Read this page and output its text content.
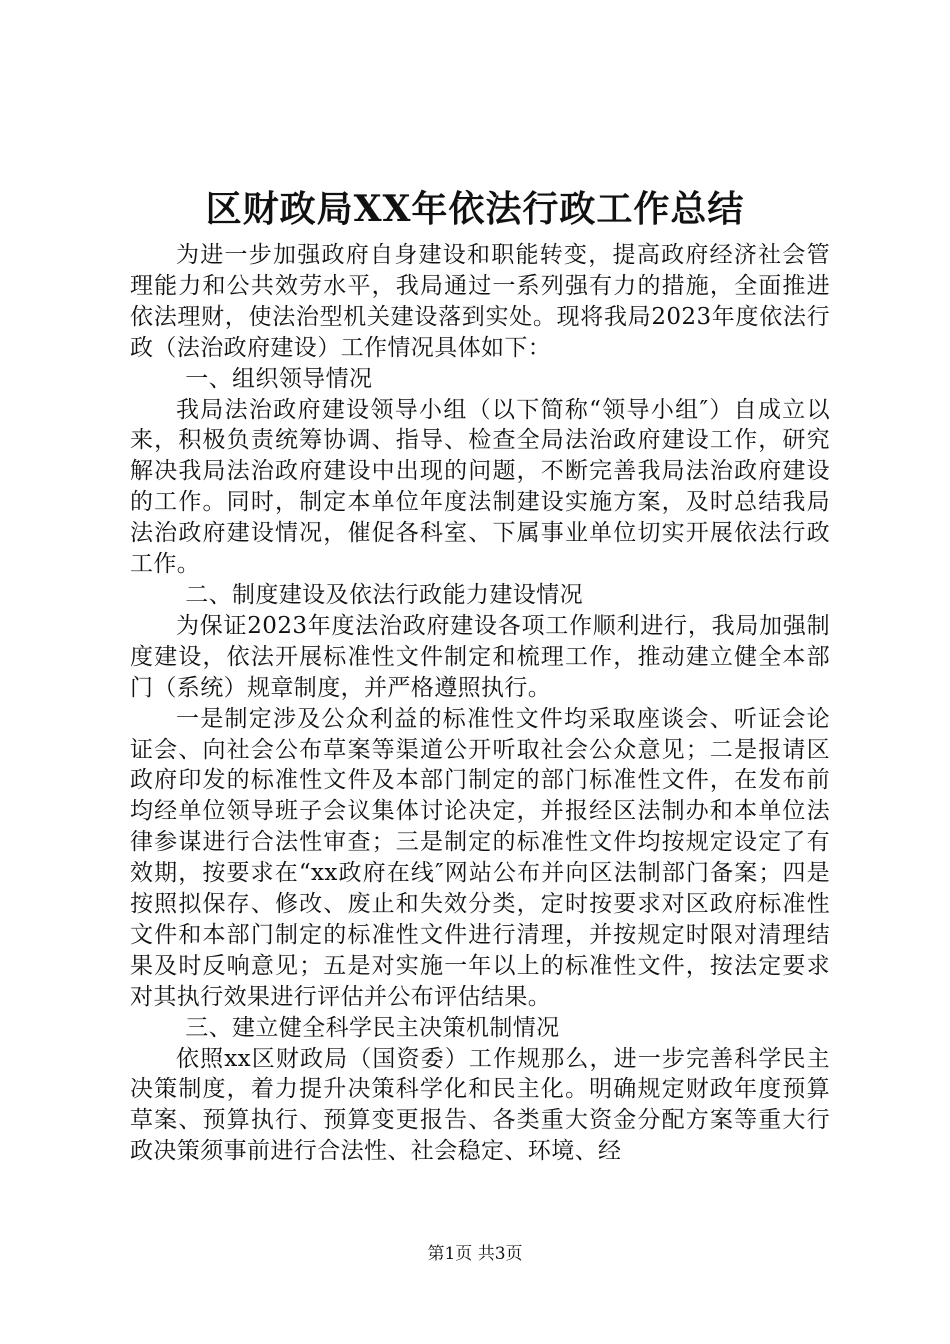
区财政局XX年依法行政工作总结

为进一步加强政府自身建设和职能转变，提高政府经济社会管理能力和公共效劳水平，我局通过一系列强有力的措施，全面推进依法理财，使法治型机关建设落到实处。现将我局2023年度依法行政（法治政府建设）工作情况具体如下：

一、组织领导情况

我局法治政府建设领导小组（以下简称“领导小组″）自成立以来，积极负责统筹协调、指导、检查全局法治政府建设工作，研究解决我局法治政府建设中出现的问题，不断完善我局法治政府建设的工作。同时，制定本单位年度法制建设实施方案，及时总结我局法治政府建设情况，催促各科室、下属事业单位切实开展依法行政工作。

二、制度建设及依法行政能力建设情况

为保证2023年度法治政府建设各项工作顺利进行，我局加强制度建设，依法开展标准性文件制定和梳理工作，推动建立健全本部门（系统）规章制度，并严格遵照执行。

一是制定涉及公众利益的标准性文件均采取座谈会、听证会论证会、向社会公布草案等渠道公开听取社会公众意见；二是报请区政府印发的标准性文件及本部门制定的部门标准性文件，在发布前均经单位领导班子会议集体讨论决定，并报经区法制办和本单位法律参谋进行合法性审查；三是制定的标准性文件均按规定设定了有效期，按要求在“xx政府在线″网站公布并向区法制部门备案；四是按照拟保存、修改、废止和失效分类，定时按要求对区政府标准性文件和本部门制定的标准性文件进行清理，并按规定时限对清理结果及时反响意见；五是对实施一年以上的标准性文件，按法定要求对其执行效果进行评估并公布评估结果。

三、建立健全科学民主决策机制情况

依照xx区财政局（国资委）工作规那么，进一步完善科学民主决策制度，着力提升决策科学化和民主化。明确规定财政年度预算草案、预算执行、预算变更报告、各类重大资金分配方案等重大行政决策须事前进行合法性、社会稳定、环境、经

第1页 共3页
